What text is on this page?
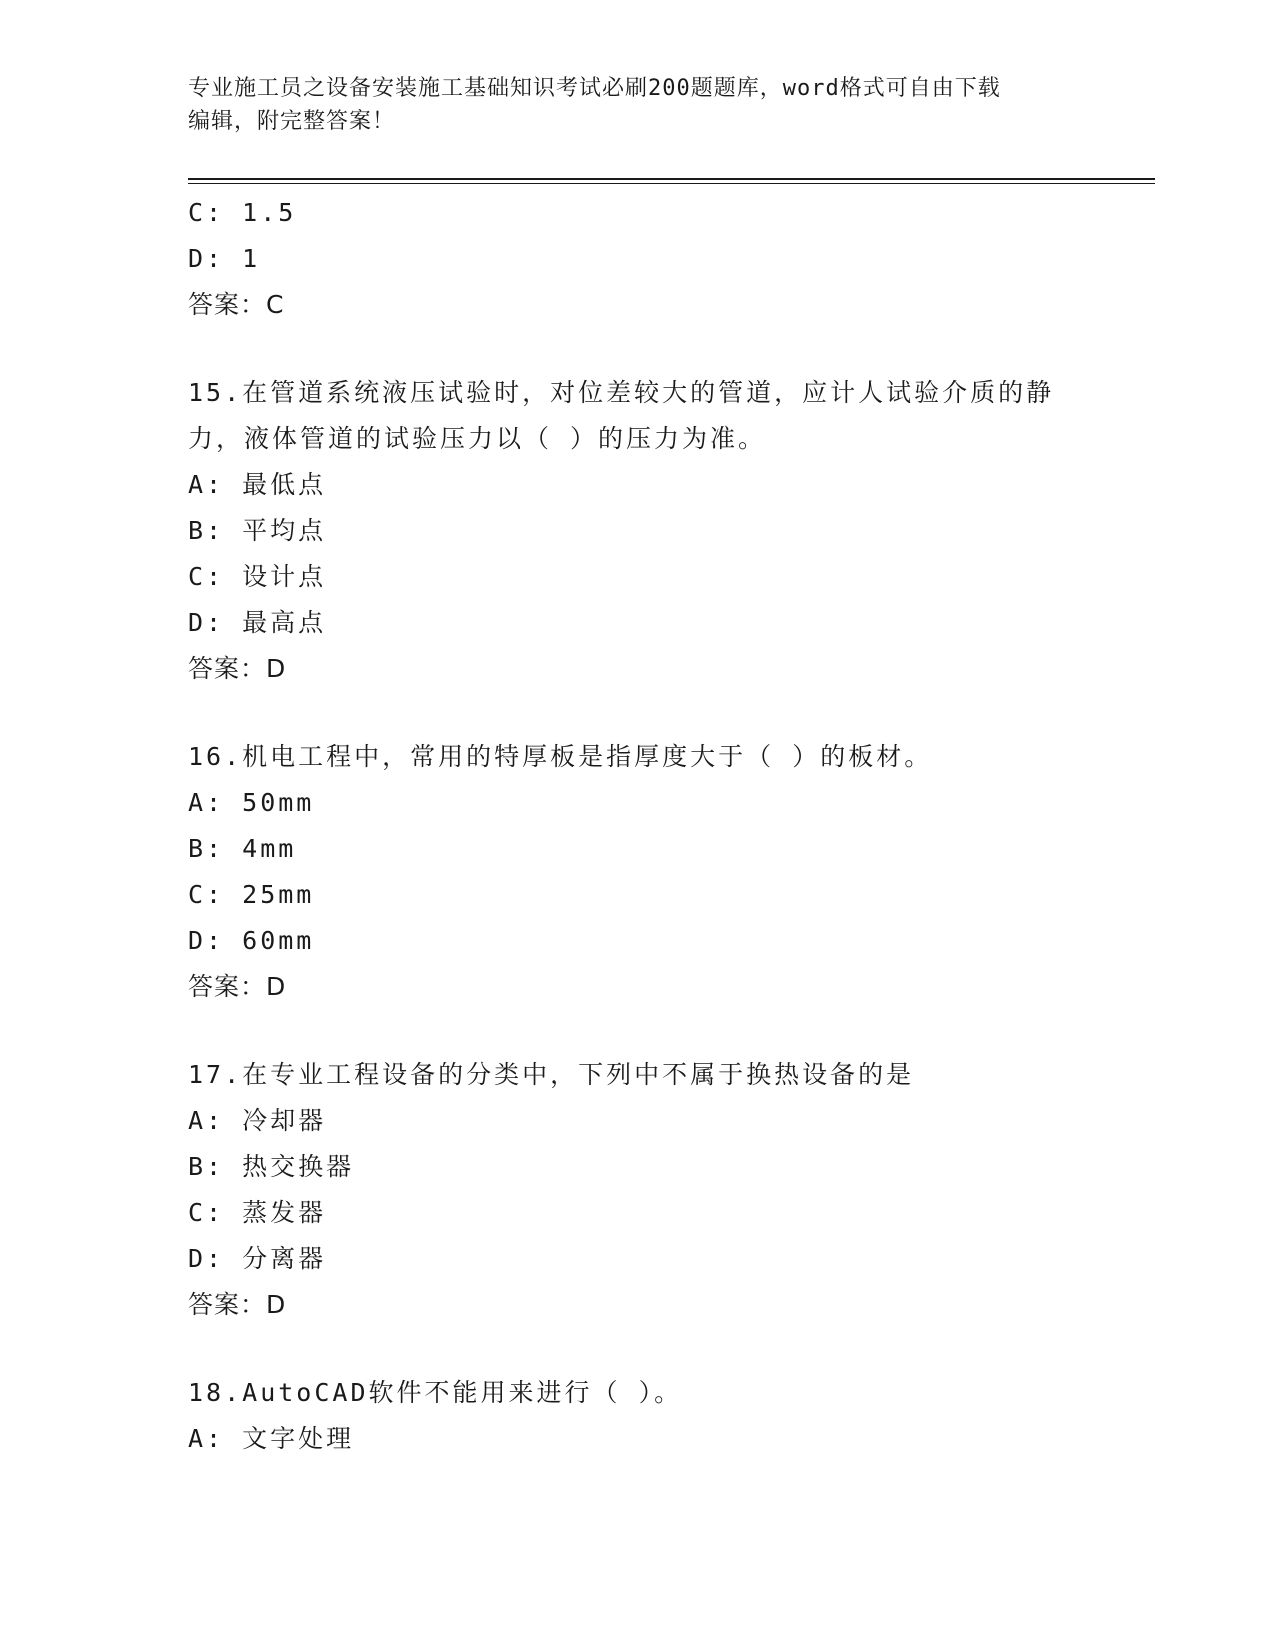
专业施工员之设备安装施工基础知识考试必刷200题题库，word格式可自由下载
编辑，附完整答案！
C: 1.5
D: 1
答案：C
15.在管道系统液压试验时，对位差较大的管道，应计人试验介质的静
力，液体管道的试验压力以（ ）的压力为准。
A: 最低点
B: 平均点
C: 设计点
D: 最高点
答案：D
16.机电工程中，常用的特厚板是指厚度大于（ ）的板材。
A: 50mm
B: 4mm
C: 25mm
D: 60mm
答案：D
17.在专业工程设备的分类中，下列中不属于换热设备的是
A: 冷却器
B: 热交换器
C: 蒸发器
D: 分离器
答案：D
18.AutoCAD软件不能用来进行（ ）。
A: 文字处理
